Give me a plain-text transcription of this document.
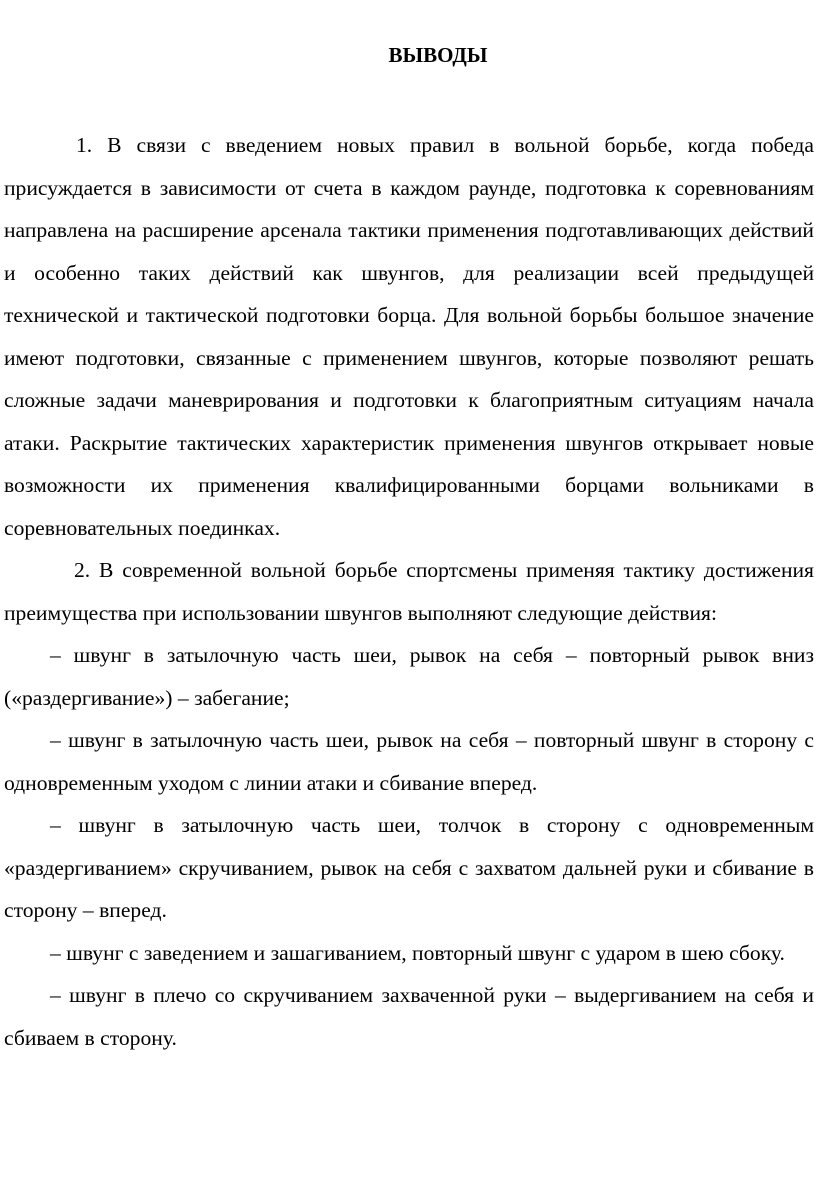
ВЫВОДЫ

1. В связи с введением новых правил в вольной борьбе, когда победа присуждается в зависимости от счета в каждом раунде, подготовка к соревнованиям направлена на расширение арсенала тактики применения подготавливающих действий и особенно таких действий как швунгов, для реализации всей предыдущей технической и тактической подготовки борца. Для вольной борьбы большое значение имеют подготовки, связанные с применением швунгов, которые позволяют решать сложные задачи маневрирования и подготовки к благоприятным ситуациям начала атаки. Раскрытие тактических характеристик применения швунгов открывает новые возможности их применения квалифицированными борцами вольниками в соревновательных поединках.

2. В современной вольной борьбе спортсмены применяя тактику достижения преимущества при использовании швунгов выполняют следующие действия:

– швунг в затылочную часть шеи, рывок на себя – повторный рывок вниз («раздергивание») – забегание;

– швунг в затылочную часть шеи, рывок на себя – повторный швунг в сторону с одновременным уходом с линии атаки и сбивание вперед.

– швунг в затылочную часть шеи, толчок в сторону с одновременным «раздергиванием» скручиванием, рывок на себя с захватом дальней руки и сбивание в сторону – вперед.

– швунг с заведением и зашагиванием, повторный швунг с ударом в шею сбоку.

– швунг в плечо со скручиванием захваченной руки – выдергиванием на себя и сбиваем в сторону.
